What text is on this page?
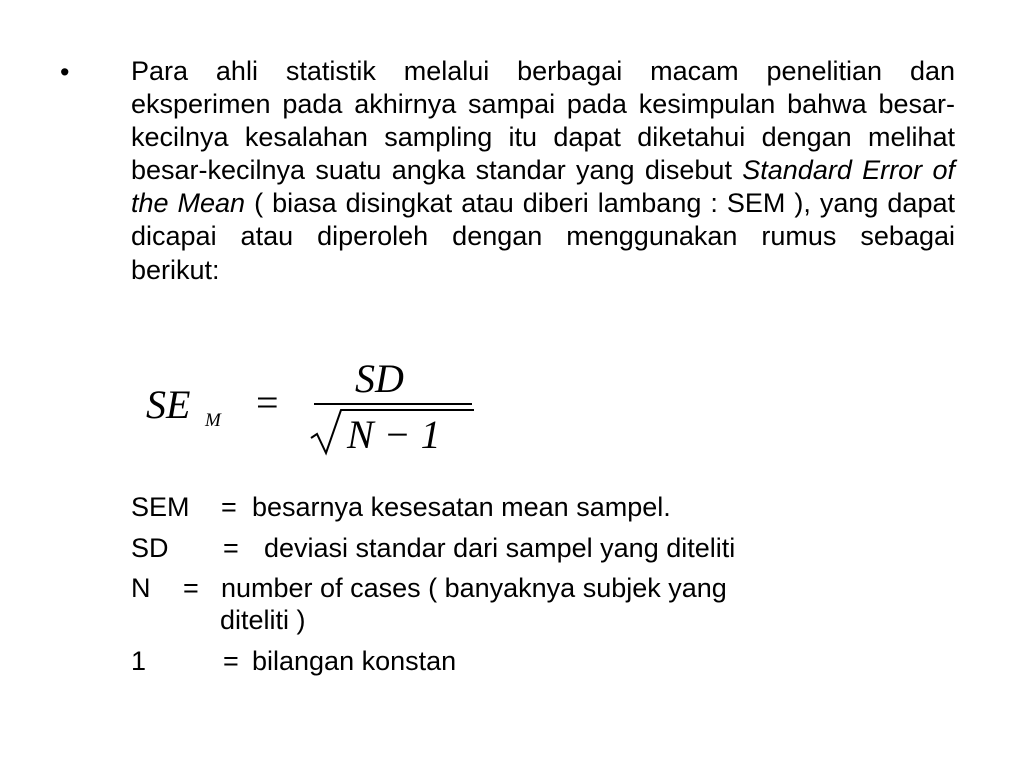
• Para ahli statistik melalui berbagai macam penelitian dan eksperimen pada akhirnya sampai pada kesimpulan bahwa besar- kecilnya kesalahan sampling itu dapat diketahui dengan melihat besar-kecilnya suatu angka standar yang disebut Standard Error of the Mean ( biasa disingkat atau diberi lambang : SEM ), yang dapat dicapai atau diperoleh dengan menggunakan rumus sebagai berikut:

SE M =
SD
N − 1
SEM = besarnya kesesatan mean sampel.
SD = deviasi standar dari sampel yang diteliti
N = number of cases ( banyaknya subjek yang
diteliti )
1	= bilangan konstan
